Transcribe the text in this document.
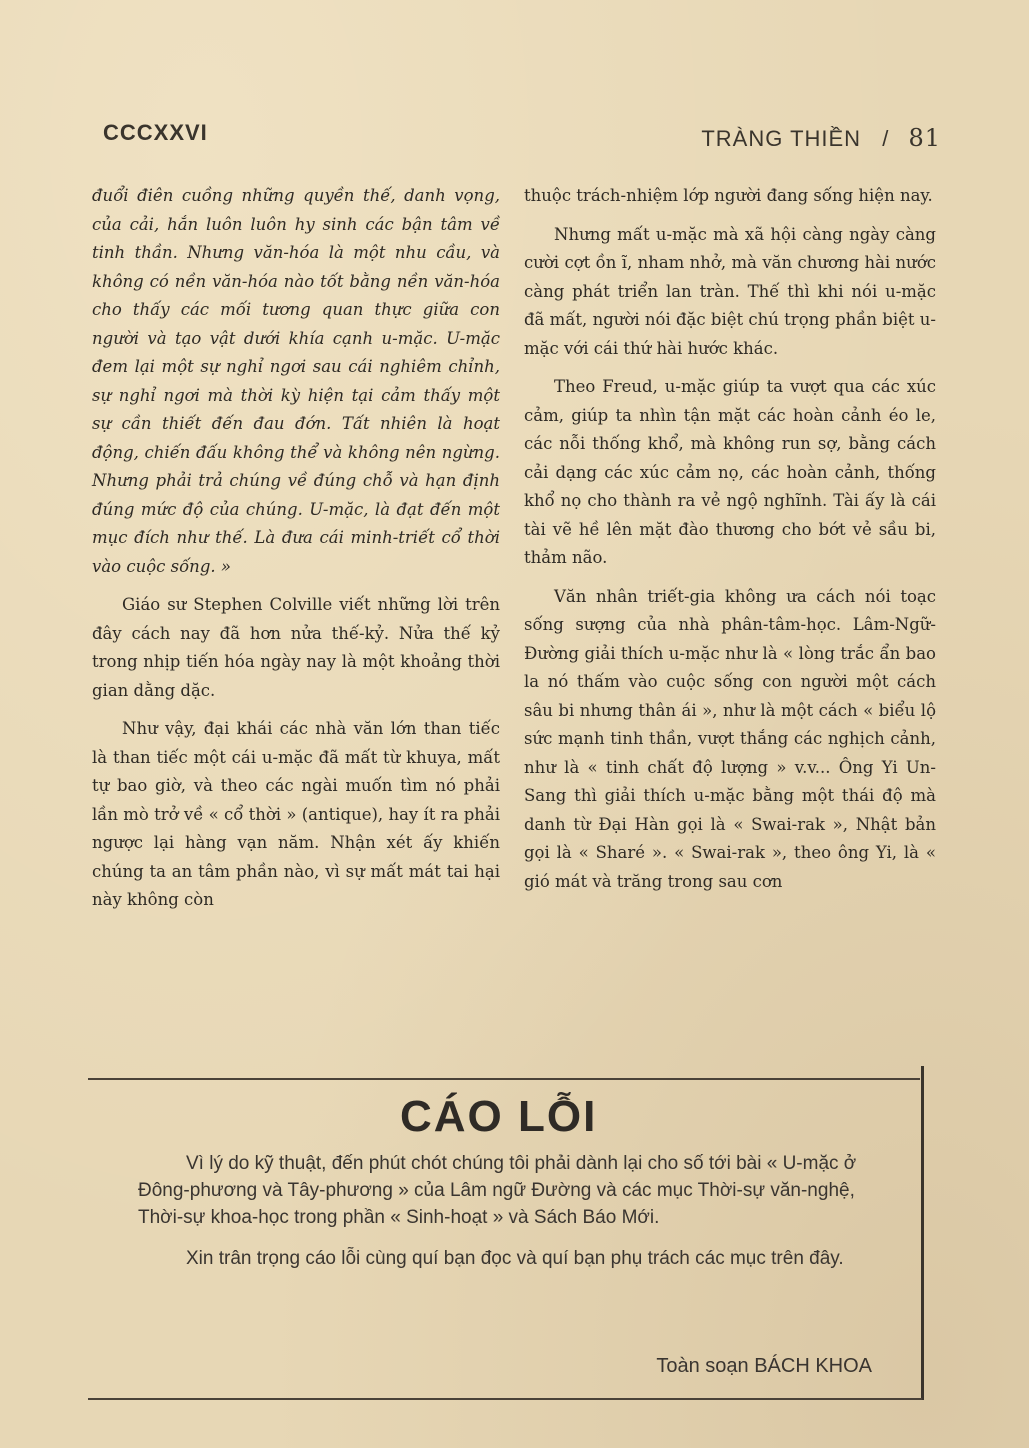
CCCXXVI	TRÀNG THIỀN / 81

đuổi điên cuồng những quyền thế, danh vọng, của cải, hắn luôn luôn hy sinh các bận tâm về tinh thần. Nhưng văn-hóa là một nhu cầu, và không có nền văn-hóa nào tốt bằng nền văn-hóa cho thấy các mối tương quan thực giữa con người và tạo vật dưới khía cạnh u-mặc. U-mặc đem lại một sự nghỉ ngơi sau cái nghiêm chỉnh, sự nghỉ ngơi mà thời kỳ hiện tại cảm thấy một sự cần thiết đến đau đớn. Tất nhiên là hoạt động, chiến đấu không thể và không nên ngừng. Nhưng phải trả chúng về đúng chỗ và hạn định đúng mức độ của chúng. U-mặc, là đạt đến một mục đích như thế. Là đưa cái minh-triết cổ thời vào cuộc sống. »

Giáo sư Stephen Colville viết những lời trên đây cách nay đã hơn nửa thế-kỷ. Nửa thế kỷ trong nhịp tiến hóa ngày nay là một khoảng thời gian dằng dặc.

Như vậy, đại khái các nhà văn lớn than tiếc là than tiếc một cái u-mặc đã mất từ khuya, mất tự bao giờ, và theo các ngài muốn tìm nó phải lần mò trở về « cổ thời » (antique), hay ít ra phải ngược lại hàng vạn năm. Nhận xét ấy khiến chúng ta an tâm phần nào, vì sự mất mát tai hại này không còn

thuộc trách-nhiệm lớp người đang sống hiện nay.

Nhưng mất u-mặc mà xã hội càng ngày càng cười cợt ồn ĩ, nham nhở, mà văn chương hài nước càng phát triển lan tràn. Thế thì khi nói u-mặc đã mất, người nói đặc biệt chú trọng phần biệt u-mặc với cái thứ hài hước khác.

Theo Freud, u-mặc giúp ta vượt qua các xúc cảm, giúp ta nhìn tận mặt các hoàn cảnh éo le, các nỗi thống khổ, mà không run sợ, bằng cách cải dạng các xúc cảm nọ, các hoàn cảnh, thống khổ nọ cho thành ra vẻ ngộ nghĩnh. Tài ấy là cái tài vẽ hề lên mặt đào thương cho bớt vẻ sầu bi, thảm não.

Văn nhân triết-gia không ưa cách nói toạc sống sượng của nhà phân-tâm-học. Lâm-Ngữ-Đường giải thích u-mặc như là « lòng trắc ẩn bao la nó thấm vào cuộc sống con người một cách sâu bi nhưng thân ái », như là một cách « biểu lộ sức mạnh tinh thần, vượt thắng các nghịch cảnh, như là « tinh chất độ lượng » v.v... Ông Yi Un-Sang thì giải thích u-mặc bằng một thái độ mà danh từ Đại Hàn gọi là « Swai-rak », Nhật bản gọi là « Sharé ». « Swai-rak », theo ông Yi, là « gió mát và trăng trong sau cơn

CÁO LỖI

Vì lý do kỹ thuật, đến phút chót chúng tôi phải dành lại cho số tới bài « U-mặc ở Đông-phương và Tây-phương » của Lâm ngữ Đường và các mục Thời-sự văn-nghệ, Thời-sự khoa-học trong phần « Sinh-hoạt » và Sách Báo Mới.

Xin trân trọng cáo lỗi cùng quí bạn đọc và quí bạn phụ trách các mục trên đây.

Toàn soạn BÁCH KHOA
